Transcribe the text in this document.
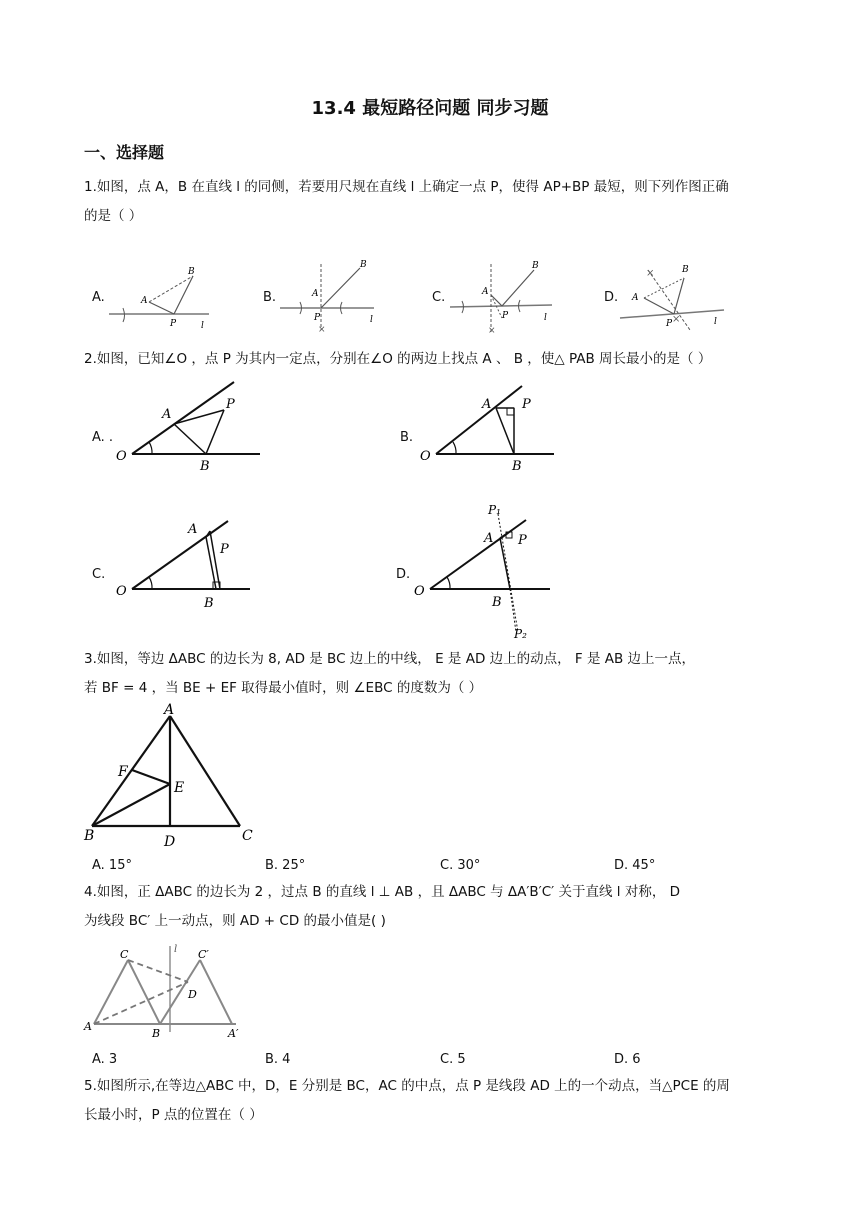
13.4 最短路径问题 同步习题
一、选择题
1.如图，点 A，B 在直线 l 的同侧，若要用尺规在直线 l 上确定一点 P，使得 AP+BP 最短，则下列作图正确
的是（ ）
A.	B.	C.	D.
A
B
P	l	×
A
B
P	l
×
A
B
P	l
×
×
A
B
P	l
2.如图，已知∠O ，点 P 为其内一定点，分别在∠O 的两边上找点 A 、 B ，使△ PAB 周长最小的是（ ）
A. .	B.
C.	D.
O
A
P
B
O
A P
B
O
A
P
B
O
P₁
A P
B
P₂
3.如图，等边 ΔABC 的边长为 8, AD 是 BC 边上的中线， E 是 AD 边上的动点， F 是 AB 边上一点，
若 BF = 4 ，当 BE + EF 取得最小值时，则 ∠EBC 的度数为（ ）
A
F
E
B	D	C
A. 15°	B. 25°	C. 30°	D. 45°
4.如图，正 ΔABC 的边长为 2 ，过点 B 的直线 l ⊥ AB ，且 ΔABC 与 ΔA′B′C′ 关于直线 l 对称， D
为线段 BC′ 上一动点，则 AD + CD 的最小值是( )
l
C	C′
D
A
B	A′
A. 3	B. 4	C. 5	D. 6
5.如图所示,在等边△ABC 中，D，E 分别是 BC，AC 的中点，点 P 是线段 AD 上的一个动点，当△PCE 的周
长最小时，P 点的位置在（ ）
